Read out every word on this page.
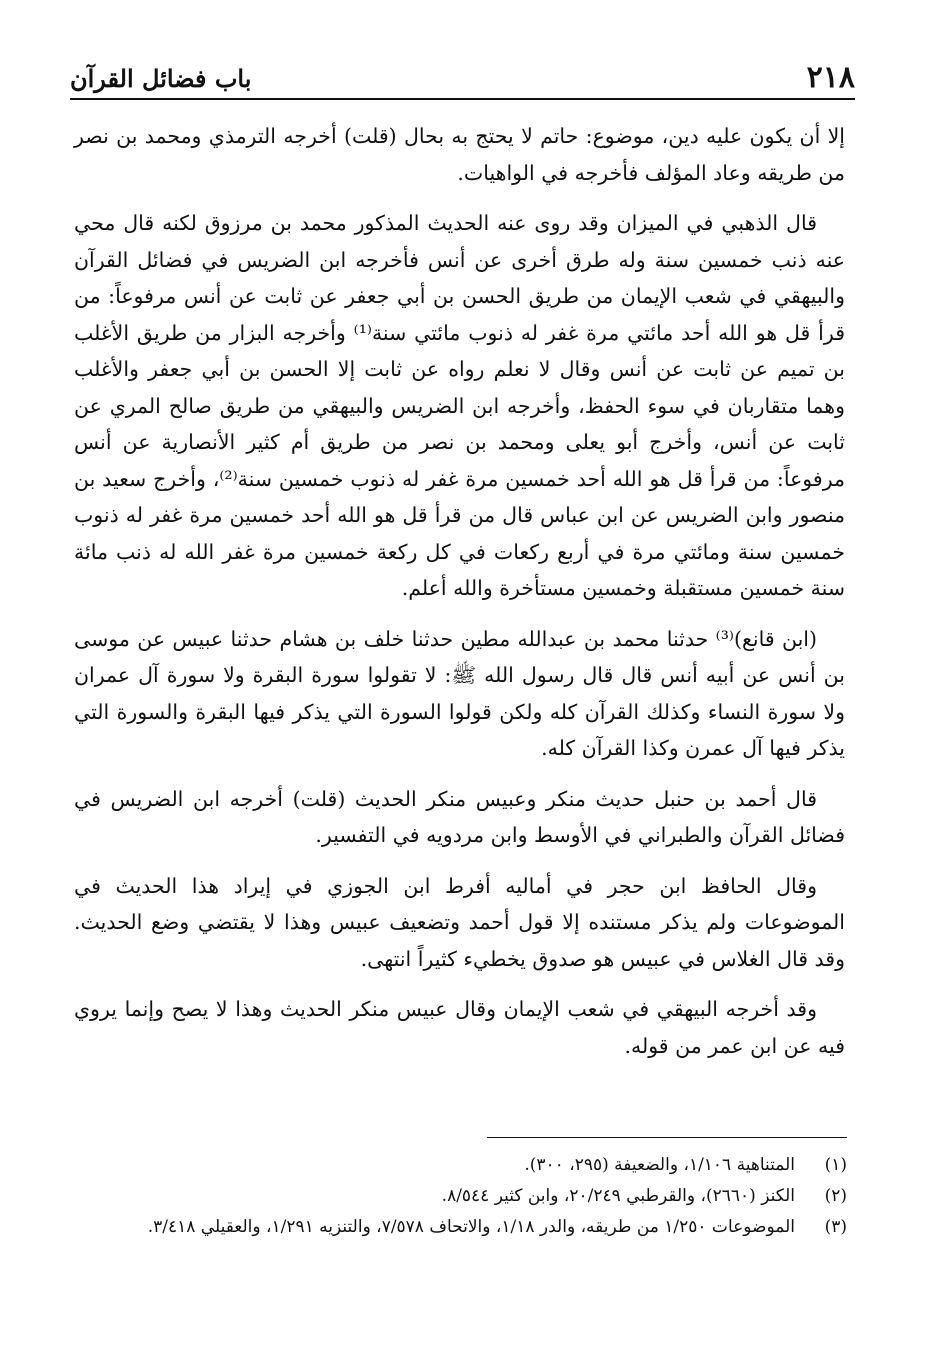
٢١٨
باب فضائل القرآن

إلا أن يكون عليه دين، موضوع: حاتم لا يحتج به بحال (قلت) أخرجه الترمذي ومحمد بن نصر من طريقه وعاد المؤلف فأخرجه في الواهيات.

قال الذهبي في الميزان وقد روى عنه الحديث المذكور محمد بن مرزوق لكنه قال محي عنه ذنب خمسين سنة وله طرق أخرى عن أنس فأخرجه ابن الضريس في فضائل القرآن والبيهقي في شعب الإيمان من طريق الحسن بن أبي جعفر عن ثابت عن أنس مرفوعاً: من قرأ قل هو الله أحد مائتي مرة غفر له ذنوب مائتي سنة⁽¹⁾ وأخرجه البزار من طريق الأغلب بن تميم عن ثابت عن أنس وقال لا نعلم رواه عن ثابت إلا الحسن بن أبي جعفر والأغلب وهما متقاربان في سوء الحفظ، وأخرجه ابن الضريس والبيهقي من طريق صالح المري عن ثابت عن أنس، وأخرج أبو يعلى ومحمد بن نصر من طريق أم كثير الأنصارية عن أنس مرفوعاً: من قرأ قل هو الله أحد خمسين مرة غفر له ذنوب خمسين سنة⁽²⁾، وأخرج سعيد بن منصور وابن الضريس عن ابن عباس قال من قرأ قل هو الله أحد خمسين مرة غفر له ذنوب خمسين سنة ومائتي مرة في أربع ركعات في كل ركعة خمسين مرة غفر الله له ذنب مائة سنة خمسين مستقبلة وخمسين مستأخرة والله أعلم.

(ابن قانع)⁽³⁾ حدثنا محمد بن عبدالله مطين حدثنا خلف بن هشام حدثنا عبيس عن موسى بن أنس عن أبيه أنس قال قال رسول الله ﷺ: لا تقولوا سورة البقرة ولا سورة آل عمران ولا سورة النساء وكذلك القرآن كله ولكن قولوا السورة التي يذكر فيها البقرة والسورة التي يذكر فيها آل عمرن وكذا القرآن كله.

قال أحمد بن حنبل حديث منكر وعبيس منكر الحديث (قلت) أخرجه ابن الضريس في فضائل القرآن والطبراني في الأوسط وابن مردويه في التفسير.

وقال الحافظ ابن حجر في أماليه أفرط ابن الجوزي في إيراد هذا الحديث في الموضوعات ولم يذكر مستنده إلا قول أحمد وتضعيف عبيس وهذا لا يقتضي وضع الحديث. وقد قال الغلاس في عبيس هو صدوق يخطيء كثيراً انتهى.

وقد أخرجه البيهقي في شعب الإيمان وقال عبيس منكر الحديث وهذا لا يصح وإنما يروي فيه عن ابن عمر من قوله.

(١)
المتناهية ١/١٠٦، والضعيفة (٢٩٥، ٣٠٠).
(٢)
الكنز (٢٦٦٠)، والقرطبي ٢٠/٢٤٩، وابن كثير ٨/٥٤٤.
(٣)
الموضوعات ١/٢٥٠ من طريقه، والدر ١/١٨، والاتحاف ٧/٥٧٨، والتنزيه ١/٢٩١، والعقيلي ٣/٤١٨.
